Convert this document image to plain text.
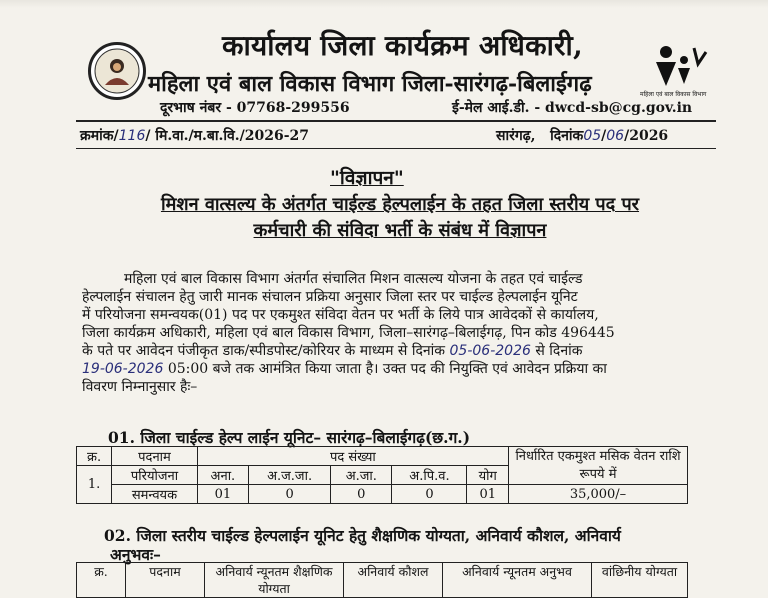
महिला एवं बाल विकास विभाग
कार्यालय जिला कार्यक्रम अधिकारी,
महिला एवं बाल विकास विभाग जिला-सारंगढ़-बिलाईगढ़
दूरभाष नंबर - 07768-299556	ई-मेल आई.डी. - dwcd-sb@cg.gov.in
क्रमांक/116/ मि.वा./म.बा.वि./2026-27	सारंगढ़, दिनांक05/06/2026
"विज्ञापन"
मिशन वात्सल्य के अंतर्गत चाईल्ड हेल्पलाईन के तहत जिला स्तरीय पद पर
कर्मचारी की संविदा भर्ती के संबंध में विज्ञापन
महिला एवं बाल विकास विभाग अंतर्गत संचालित मिशन वात्सल्य योजना के तहत एवं चाईल्ड
हेल्पलाईन संचालन हेतु जारी मानक संचालन प्रक्रिया अनुसार जिला स्तर पर चाईल्ड हेल्पलाईन यूनिट
में परियोजना समन्वयक(01) पद पर एकमुश्त संविदा वेतन पर भर्ती के लिये पात्र आवेदकों से कार्यालय,
जिला कार्यक्रम अधिकारी, महिला एवं बाल विकास विभाग, जिला–सारंगढ़–बिलाईगढ़, पिन कोड 496445
के पते पर आवेदन पंजीकृत डाक/स्पीडपोस्ट/कोरियर के माध्यम से दिनांक 05-06-2026 से दिनांक
19-06-2026 05:00 बजे तक आमंत्रित किया जाता है। उक्त पद की नियुक्ति एवं आवेदन प्रक्रिया का
विवरण निम्नानुसार हैः–
01. जिला चाईल्ड हेल्प लाईन यूनिट– सारंगढ़–बिलाईगढ़(छ.ग.)
क्र.	पदनाम	पद संख्या					निर्धारित एकमुश्त मसिक वेतन राशि रूपये में
1.	परियोजना	अना.	अ.ज.जा.	अ.जा.	अ.पि.व.	योग	
	समन्वयक	01	0	0	0	01	35,000/–
02. जिला स्तरीय चाईल्ड हेल्पलाईन यूनिट हेतु शैक्षणिक योग्यता, अनिवार्य कौशल, अनिवार्य
अनुभवः–
क्र.	पदनाम	अनिवार्य न्यूनतम शैक्षणिक योग्यता	अनिवार्य कौशल	अनिवार्य न्यूनतम अनुभव	वांछिनीय योग्यता
